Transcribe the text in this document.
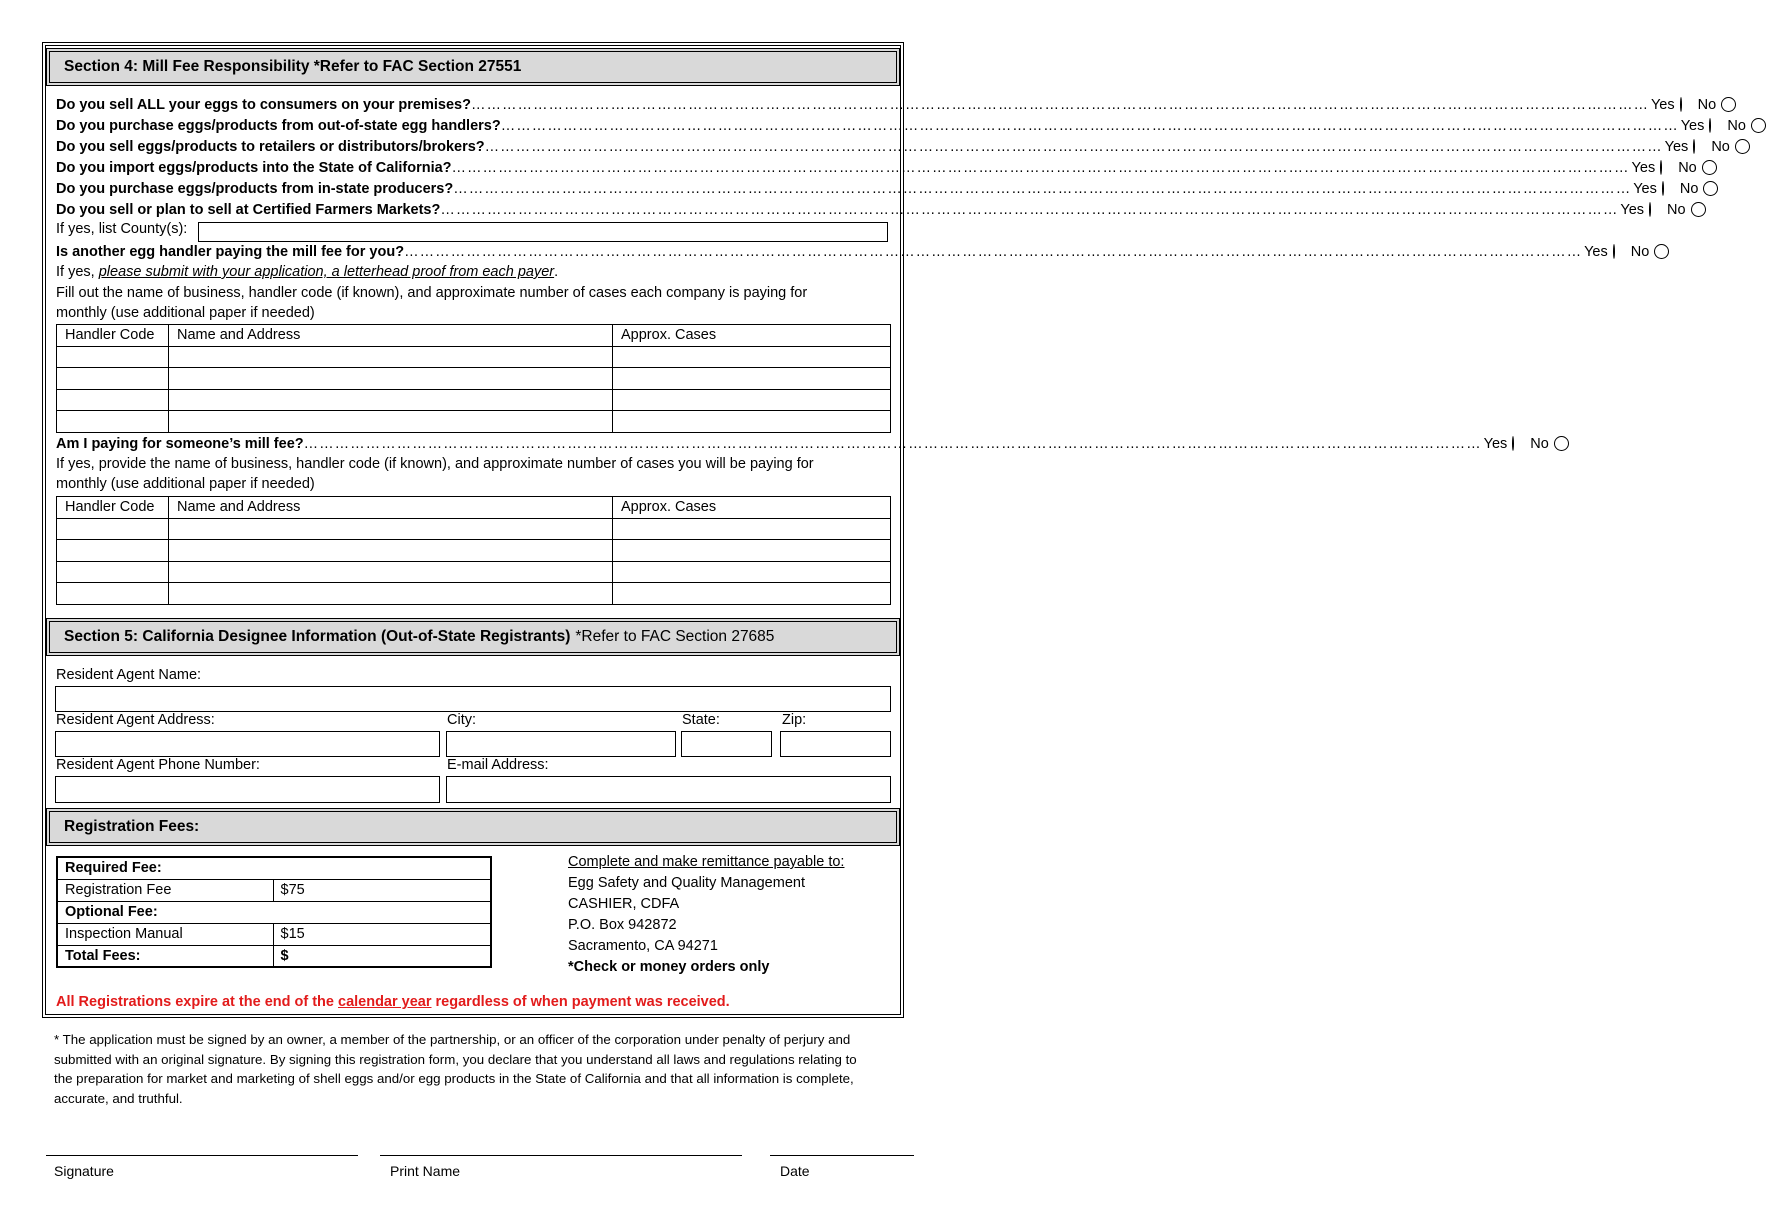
Section 4: Mill Fee Responsibility *Refer to FAC Section 27551
Do you sell ALL your eggs to consumers on your premises? ………………………………………………………………………………………………………………………………………………………………………………………………………… Yes No
Do you purchase eggs/products from out-of-state egg handlers? ………………………………………………………………………………………………………………………………………………………………………………………………………… Yes No
Do you sell eggs/products to retailers or distributors/brokers? ………………………………………………………………………………………………………………………………………………………………………………………………………… Yes No
Do you import eggs/products into the State of California? ………………………………………………………………………………………………………………………………………………………………………………………………………… Yes No
Do you purchase eggs/products from in-state producers? ………………………………………………………………………………………………………………………………………………………………………………………………………… Yes No
Do you sell or plan to sell at Certified Farmers Markets? ………………………………………………………………………………………………………………………………………………………………………………………………………… Yes No
If yes, list County(s):
Is another egg handler paying the mill fee for you? ………………………………………………………………………………………………………………………………………………………………………………………………………… Yes No
If yes, please submit with your application, a letterhead proof from each payer.
Fill out the name of business, handler code (if known), and approximate number of cases each company is paying for
monthly (use additional paper if needed)
Handler Code	Name and Address	Approx. Cases

Am I paying for someone’s mill fee? ………………………………………………………………………………………………………………………………………………………………………………………………………… Yes No
If yes, provide the name of business, handler code (if known), and approximate number of cases you will be paying for
monthly (use additional paper if needed)
Handler Code	Name and Address	Approx. Cases

Section 5: California Designee Information (Out-of-State Registrants) *Refer to FAC Section 27685
Resident Agent Name:
Resident Agent Address:	City:	State:	Zip:
Resident Agent Phone Number:	E-mail Address:
Registration Fees:
Required Fee:	
Registration Fee	$75
Optional Fee:	
Inspection Manual	$15
Total Fees:	$
Complete and make remittance payable to:
Egg Safety and Quality Management
CASHIER, CDFA
P.O. Box 942872
Sacramento, CA 94271
*Check or money orders only
All Registrations expire at the end of the calendar year regardless of when payment was received.
* The application must be signed by an owner, a member of the partnership, or an officer of the corporation under penalty of perjury and submitted with an original signature. By signing this registration form, you declare that you understand all laws and regulations relating to the preparation for market and marketing of shell eggs and/or egg products in the State of California and that all information is complete, accurate, and truthful.
Signature	Print Name	Date
